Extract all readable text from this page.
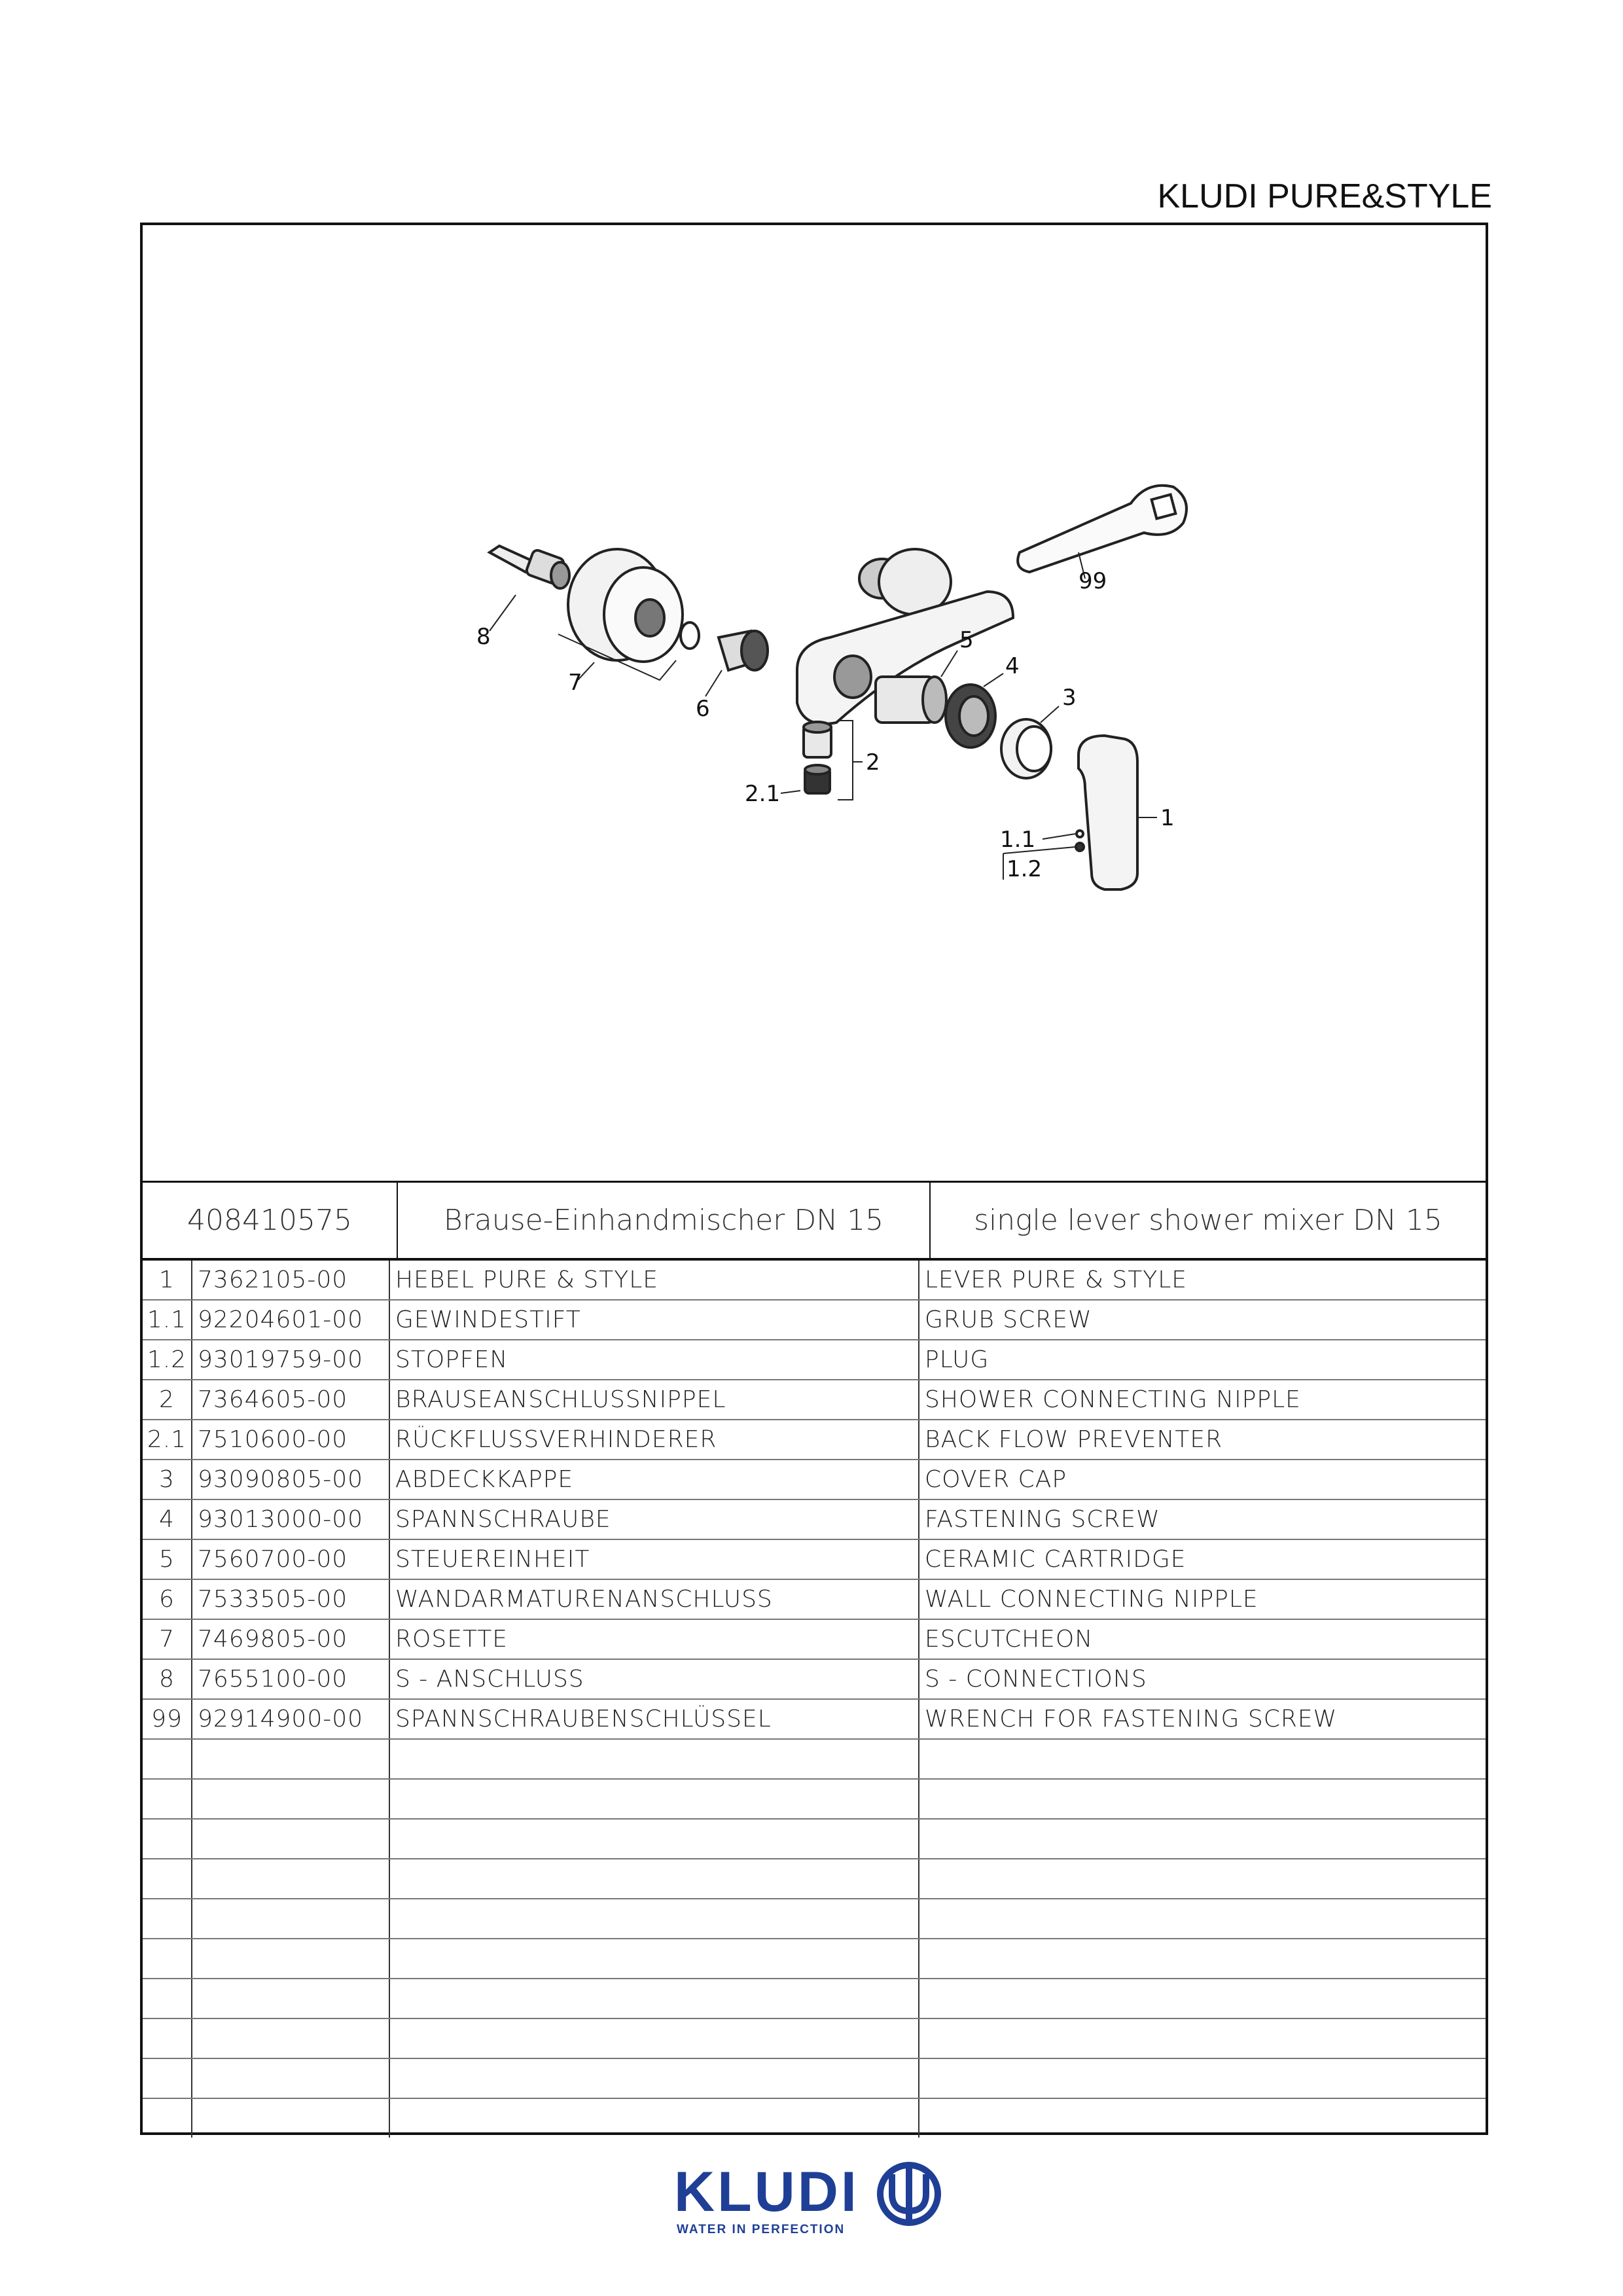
KLUDI PURE&STYLE
8
7
6
5
4
3
2
2.1
1
1.1
1.2
99
408410575	Brause-Einhandmischer DN 15	single lever shower mixer DN 15
1	7362105-00	HEBEL PURE & STYLE	LEVER PURE & STYLE
1.1	92204601-00	GEWINDESTIFT	GRUB SCREW
1.2	93019759-00	STOPFEN	PLUG
2	7364605-00	BRAUSEANSCHLUSSNIPPEL	SHOWER CONNECTING NIPPLE
2.1	7510600-00	RÜCKFLUSSVERHINDERER	BACK FLOW PREVENTER
3	93090805-00	ABDECKKAPPE	COVER CAP
4	93013000-00	SPANNSCHRAUBE	FASTENING SCREW
5	7560700-00	STEUEREINHEIT	CERAMIC CARTRIDGE
6	7533505-00	WANDARMATURENANSCHLUSS	WALL CONNECTING NIPPLE
7	7469805-00	ROSETTE	ESCUTCHEON
8	7655100-00	S - ANSCHLUSS	S - CONNECTIONS
99	92914900-00	SPANNSCHRAUBENSCHLÜSSEL	WRENCH FOR FASTENING SCREW

KLUDI
WATER IN PERFECTION
